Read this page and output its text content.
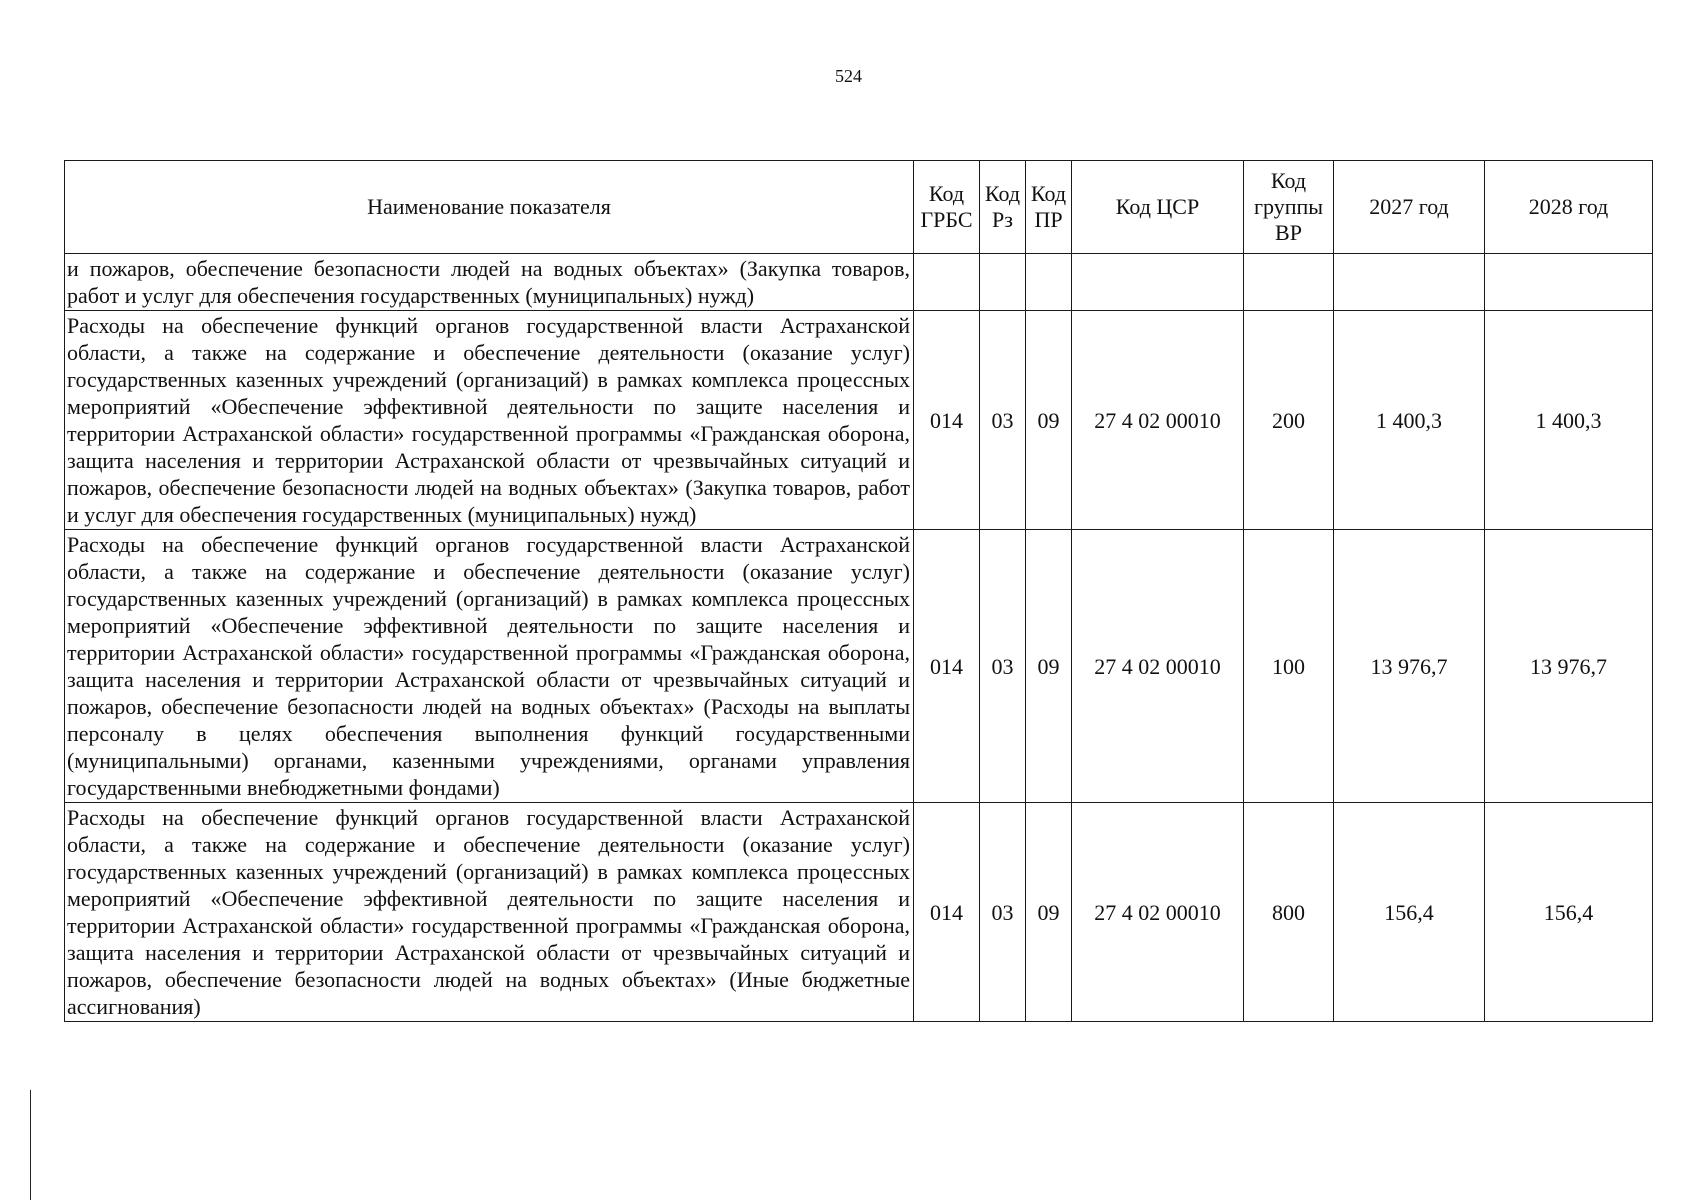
524
Наименование показателя	Код ГРБС	Код Рз	Код ПР	Код ЦСР	Код группы ВР	2027 год	2028 год
и пожаров, обеспечение безопасности людей на водных объектах» (Закупка товаров, работ и услуг для обеспечения государственных (муниципальных) нужд)							
Расходы на обеспечение функций органов государственной власти Астраханской области, а также на содержание и обеспечение деятельности (оказание услуг) государственных казенных учреждений (организаций) в рамках комплекса процессных мероприятий «Обеспечение эффективной деятельности по защите населения и территории Астраханской области» государственной программы «Гражданская оборона, защита населения и территории Астраханской области от чрезвычайных ситуаций и пожаров, обеспечение безопасности людей на водных объектах» (Закупка товаров, работ и услуг для обеспечения государственных (муниципальных) нужд)	014	03	09	27 4 02 00010	200	1 400,3	1 400,3
Расходы на обеспечение функций органов государственной власти Астраханской области, а также на содержание и обеспечение деятельности (оказание услуг) государственных казенных учреждений (организаций) в рамках комплекса процессных мероприятий «Обеспечение эффективной деятельности по защите населения и территории Астраханской области» государственной программы «Гражданская оборона, защита населения и территории Астраханской области от чрезвычайных ситуаций и пожаров, обеспечение безопасности людей на водных объектах» (Расходы на выплаты персоналу в целях обеспечения выполнения функций государственными (муниципальными) органами, казенными учреждениями, органами управления государственными внебюджетными фондами)	014	03	09	27 4 02 00010	100	13 976,7	13 976,7
Расходы на обеспечение функций органов государственной власти Астраханской области, а также на содержание и обеспечение деятельности (оказание услуг) государственных казенных учреждений (организаций) в рамках комплекса процессных мероприятий «Обеспечение эффективной деятельности по защите населения и территории Астраханской области» государственной программы «Гражданская оборона, защита населения и территории Астраханской области от чрезвычайных ситуаций и пожаров, обеспечение безопасности людей на водных объектах» (Иные бюджетные ассигнования)	014	03	09	27 4 02 00010	800	156,4	156,4
